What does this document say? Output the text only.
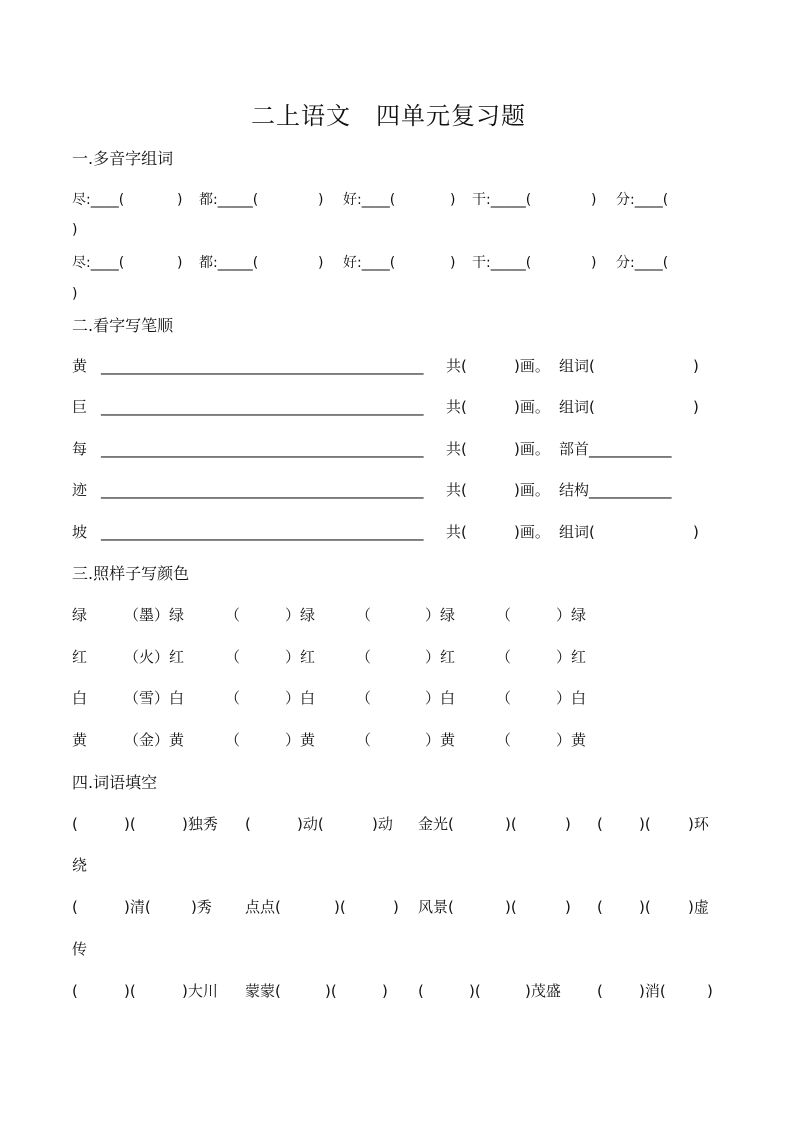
二上语文　四单元复习题
一.多音字组词
尽:____(	) 都:_____(	) 好:____(	) 干:_____(	) 分:____(
)
尽:____(	) 都:_____(	) 好:____(	) 干:_____(	) 分:____(
)
二.看字写笔顺
黄 ___________________________________________ 共(	)画。 组词(	)
巨 ___________________________________________ 共(	)画。 组词(	)
每 ___________________________________________ 共(	)画。 部首___________
迹 ___________________________________________ 共(	)画。 结构___________
坡 ___________________________________________ 共(	)画。 组词(	)
三.照样子写颜色
绿 （墨）绿	（	）绿	（	）绿	（	）绿
红 （火）红	（	）红	（	）红	（	）红
白 （雪）白	（	）白	（	）白	（	）白
黄 （金）黄	（	）黄	（	）黄	（	）黄
四.词语填空
(	)(	)独秀 (	)动(	)动 金光(	)(	) ( )( )环
绕
(	)清(	)秀 点点(	)(	) 风景(	)(	) ( )( )虚
传
(	)(	)大川 蒙蒙(	)(	) (	)(	)茂盛 ( )消(	)
